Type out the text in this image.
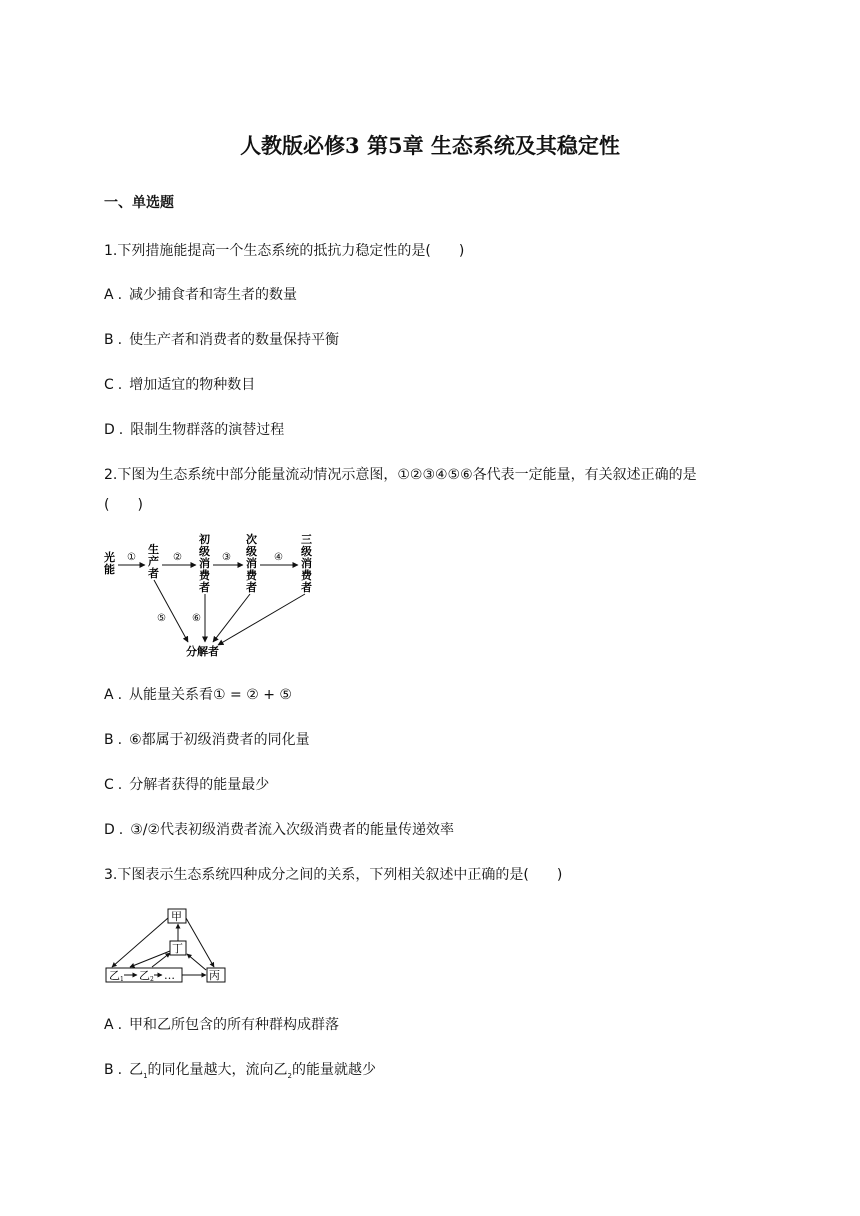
人教版必修3 第5章 生态系统及其稳定性
一、单选题
1.下列措施能提高一个生态系统的抵抗力稳定性的是(　　)
A . 减少捕食者和寄生者的数量
B . 使生产者和消费者的数量保持平衡
C . 增加适宜的物种数目
D . 限制生物群落的演替过程
2.下图为生态系统中部分能量流动情况示意图，①②③④⑤⑥各代表一定能量，有关叙述正确的是
(　　)
光
能
生
产
者
初
级
消
费
者
次
级
消
费
者
三
级
消
费
者
分解者
①	②	③	④
⑤	⑥
A . 从能量关系看① = ② + ⑤
B . ⑥都属于初级消费者的同化量
C . 分解者获得的能量最少
D . ③/②代表初级消费者流入次级消费者的能量传递效率
3.下图表示生态系统四种成分之间的关系，下列相关叙述中正确的是(　　)
甲
丁
丙
乙1 乙2 …
A . 甲和乙所包含的所有种群构成群落
B . 乙$_1$的同化量越大，流向乙$_2$的能量就越少
